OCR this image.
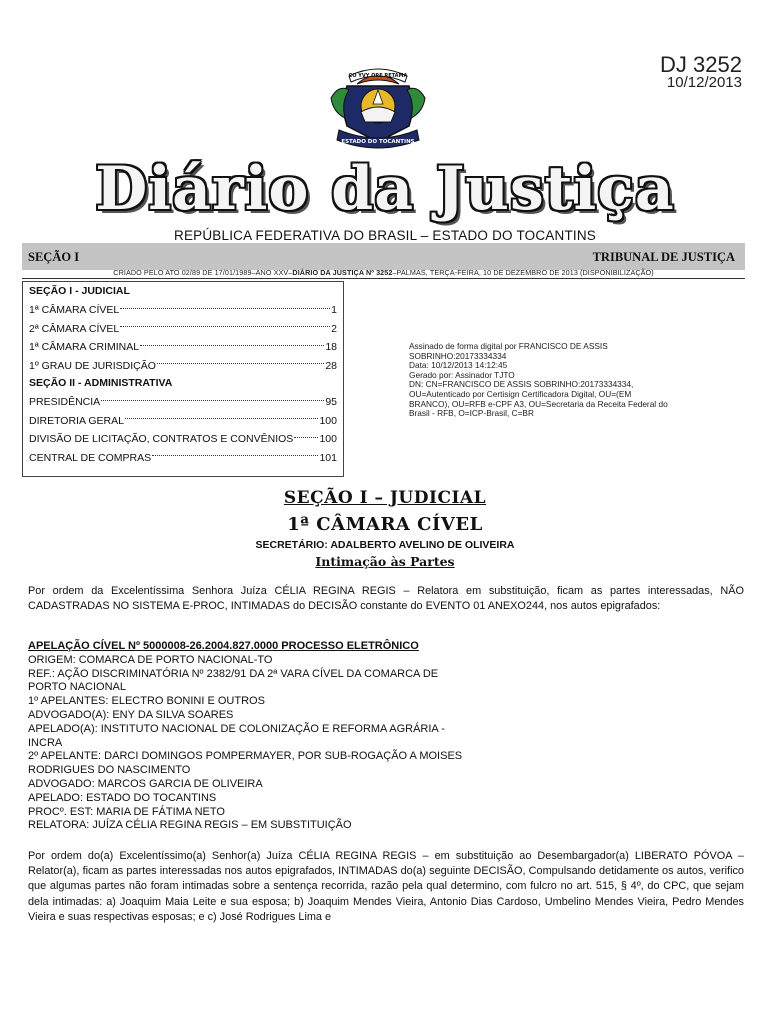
DJ 3252
10/12/2013
CO YVY ORE RETAMA
ESTADO DO TOCANTINS
Diário da Justiça
REPÚBLICA FEDERATIVA DO BRASIL – ESTADO DO TOCANTINS
SEÇÃO I	TRIBUNAL DE JUSTIÇA
CRIADO PELO ATO 02/89 DE 17/01/1989–ANO XXV–DIÁRIO DA JUSTIÇA Nº 3252–PALMAS, TERÇA-FEIRA, 10 DE DEZEMBRO DE 2013 (DISPONIBILIZAÇÃO)
SEÇÃO I - JUDICIAL
1ª CÂMARA CÍVEL	1
2ª CÂMARA CÍVEL	2
1ª CÂMARA CRIMINAL	18
1º GRAU DE JURISDIÇÃO	28
SEÇÃO II - ADMINISTRATIVA
PRESIDÊNCIA	95
DIRETORIA GERAL	100
DIVISÃO DE LICITAÇÃO, CONTRATOS E CONVÊNIOS 100
CENTRAL DE COMPRAS	101
Assinado de forma digital por FRANCISCO DE ASSIS
SOBRINHO:20173334334
Data: 10/12/2013 14:12:45
Gerado por: Assinador TJTO
DN: CN=FRANCISCO DE ASSIS SOBRINHO:20173334334,
OU=Autenticado por Certisign Certificadora Digital, OU=(EM
BRANCO), OU=RFB e-CPF A3, OU=Secretaria da Receita Federal do
Brasil - RFB, O=ICP-Brasil, C=BR
SEÇÃO I – JUDICIAL
1ª CÂMARA CÍVEL
SECRETÁRIO: ADALBERTO AVELINO DE OLIVEIRA
Intimação às Partes
Por ordem da Excelentíssima Senhora Juíza CÉLIA REGINA REGIS – Relatora em substituição, ficam as partes interessadas, NÃO CADASTRADAS NO SISTEMA E-PROC, INTIMADAS do DECISÃO constante do EVENTO 01 ANEXO244, nos autos epigrafados:
APELAÇÃO CÍVEL Nº 5000008-26.2004.827.0000 PROCESSO ELETRÔNICO
ORIGEM: COMARCA DE PORTO NACIONAL-TO
REF.: AÇÃO DISCRIMINATÓRIA Nº 2382/91 DA 2ª VARA CÍVEL DA COMARCA DE
PORTO NACIONAL
1º APELANTES: ELECTRO BONINI E OUTROS
ADVOGADO(A): ENY DA SILVA SOARES
APELADO(A): INSTITUTO NACIONAL DE COLONIZAÇÃO E REFORMA AGRÁRIA -
INCRA
2º APELANTE: DARCI DOMINGOS POMPERMAYER, POR SUB-ROGAÇÃO A MOISES
RODRIGUES DO NASCIMENTO
ADVOGADO: MARCOS GARCIA DE OLIVEIRA
APELADO: ESTADO DO TOCANTINS
PROCº. EST: MARIA DE FÁTIMA NETO
RELATORA: JUÍZA CÉLIA REGINA REGIS – EM SUBSTITUIÇÃO
Por ordem do(a) Excelentíssimo(a) Senhor(a) Juíza CÉLIA REGINA REGIS – em substituição ao Desembargador(a) LIBERATO PÓVOA – Relator(a), ficam as partes interessadas nos autos epigrafados, INTIMADAS do(a) seguinte DECISÃO, Compulsando detidamente os autos, verifico que algumas partes não foram intimadas sobre a sentença recorrida, razão pela qual determino, com fulcro no art. 515, § 4º, do CPC, que sejam dela intimadas: a) Joaquim Maia Leite e sua esposa; b) Joaquim Mendes Vieira, Antonio Dias Cardoso, Umbelino Mendes Vieira, Pedro Mendes Vieira e suas respectivas esposas; e c) José Rodrigues Lima e
